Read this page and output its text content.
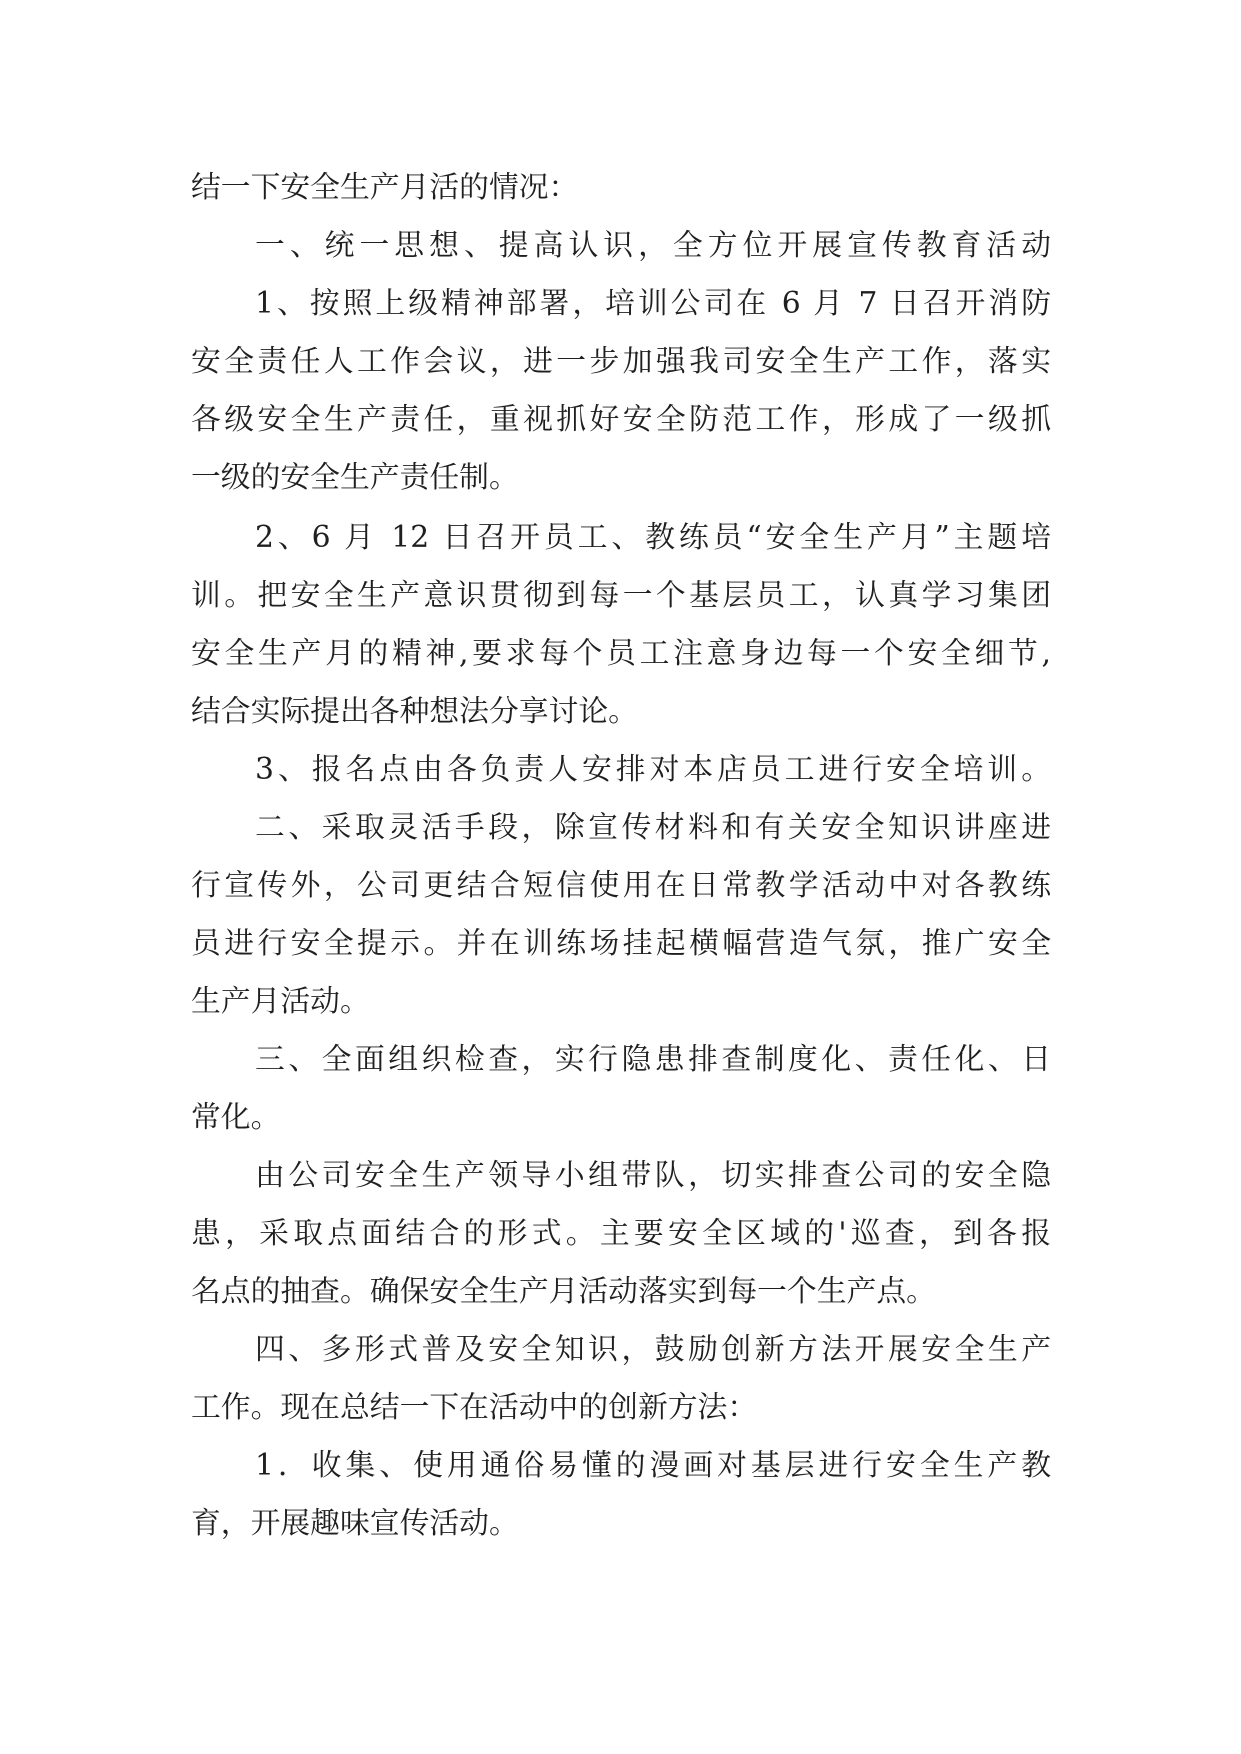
结一下安全生产月活的情况：
一、统一思想、提高认识，全方位开展宣传教育活动
1、按照上级精神部署，培训公司在 6 月 7 日召开消防
安全责任人工作会议，进一步加强我司安全生产工作，落实
各级安全生产责任，重视抓好安全防范工作，形成了一级抓
一级的安全生产责任制。
2、6 月 12 日召开员工、教练员“安全生产月”主题培
训。把安全生产意识贯彻到每一个基层员工，认真学习集团
安全生产月的精神,要求每个员工注意身边每一个安全细节,
结合实际提出各种想法分享讨论。
3、报名点由各负责人安排对本店员工进行安全培训。
二、采取灵活手段，除宣传材料和有关安全知识讲座进
行宣传外，公司更结合短信使用在日常教学活动中对各教练
员进行安全提示。并在训练场挂起横幅营造气氛，推广安全
生产月活动。
三、全面组织检查，实行隐患排查制度化、责任化、日
常化。
由公司安全生产领导小组带队，切实排查公司的安全隐
患，采取点面结合的形式。主要安全区域的'巡查，到各报
名点的抽查。确保安全生产月活动落实到每一个生产点。
四、多形式普及安全知识，鼓励创新方法开展安全生产
工作。现在总结一下在活动中的创新方法：
1．收集、使用通俗易懂的漫画对基层进行安全生产教
育，开展趣味宣传活动。
